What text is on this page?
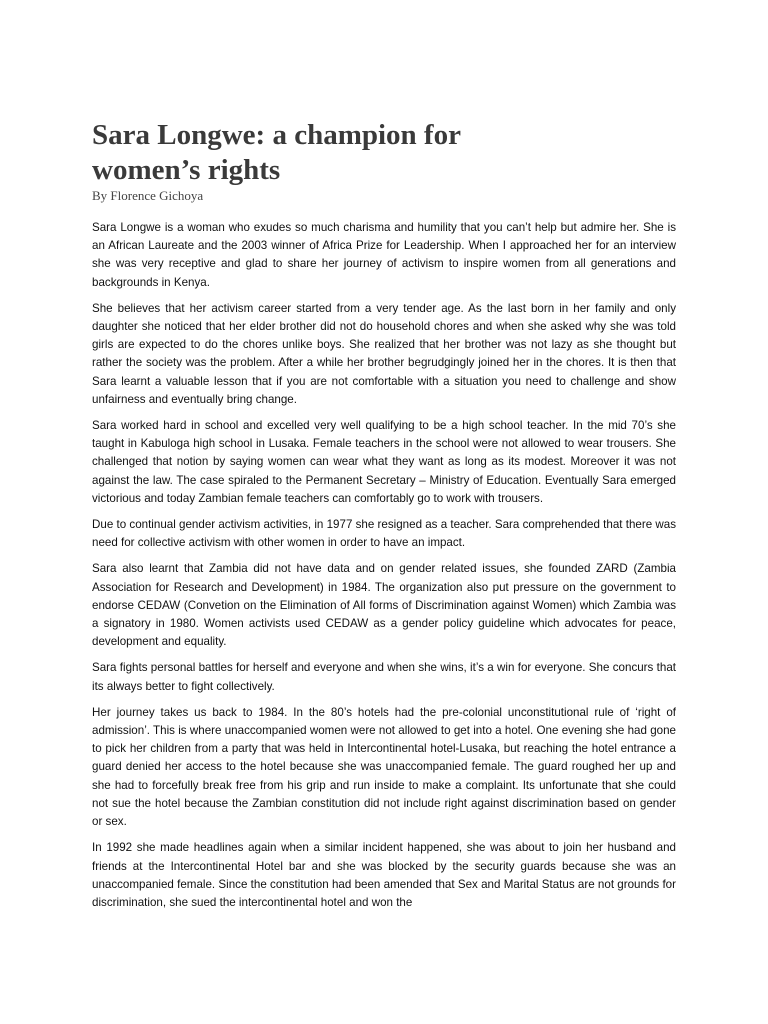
Sara Longwe: a champion for
women’s rights

By Florence Gichoya

Sara Longwe is a woman who exudes so much charisma and humility that you can’t help but admire her. She is an African Laureate and the 2003 winner of Africa Prize for Leadership. When I approached her for an interview she was very receptive and glad to share her journey of activism to inspire women from all generations and backgrounds in Kenya.

She believes that her activism career started from a very tender age. As the last born in her family and only daughter she noticed that her elder brother did not do household chores and when she asked why she was told girls are expected to do the chores unlike boys. She realized that her brother was not lazy as she thought but rather the society was the problem. After a while her brother begrudgingly joined her in the chores. It is then that Sara learnt a valuable lesson that if you are not comfortable with a situation you need to challenge and show unfairness and eventually bring change.

Sara worked hard in school and excelled very well qualifying to be a high school teacher. In the mid 70’s she taught in Kabuloga high school in Lusaka. Female teachers in the school were not allowed to wear trousers. She challenged that notion by saying women can wear what they want as long as its modest. Moreover it was not against the law. The case spiraled to the Permanent Secretary – Ministry of Education. Eventually Sara emerged victorious and today Zambian female teachers can comfortably go to work with trousers.

Due to continual gender activism activities, in 1977 she resigned as a teacher. Sara comprehended that there was need for collective activism with other women in order to have an impact.

Sara also learnt that Zambia did not have data and on gender related issues, she founded ZARD (Zambia Association for Research and Development) in 1984. The organization also put pressure on the government to endorse CEDAW (Convetion on the Elimination of All forms of Discrimination against Women) which Zambia was a signatory in 1980. Women activists used CEDAW as a gender policy guideline which advocates for peace, development and equality.

Sara fights personal battles for herself and everyone and when she wins, it’s a win for everyone. She concurs that its always better to fight collectively.

Her journey takes us back to 1984. In the 80’s hotels had the pre-colonial unconstitutional rule of ‘right of admission’. This is where unaccompanied women were not allowed to get into a hotel. One evening she had gone to pick her children from a party that was held in Intercontinental hotel-Lusaka, but reaching the hotel entrance a guard denied her access to the hotel because she was unaccompanied female. The guard roughed her up and she had to forcefully break free from his grip and run inside to make a complaint. Its unfortunate that she could not sue the hotel because the Zambian constitution did not include right against discrimination based on gender or sex.

In 1992 she made headlines again when a similar incident happened, she was about to join her husband and friends at the Intercontinental Hotel bar and she was blocked by the security guards because she was an unaccompanied female. Since the constitution had been amended that Sex and Marital Status are not grounds for discrimination, she sued the intercontinental hotel and won the
